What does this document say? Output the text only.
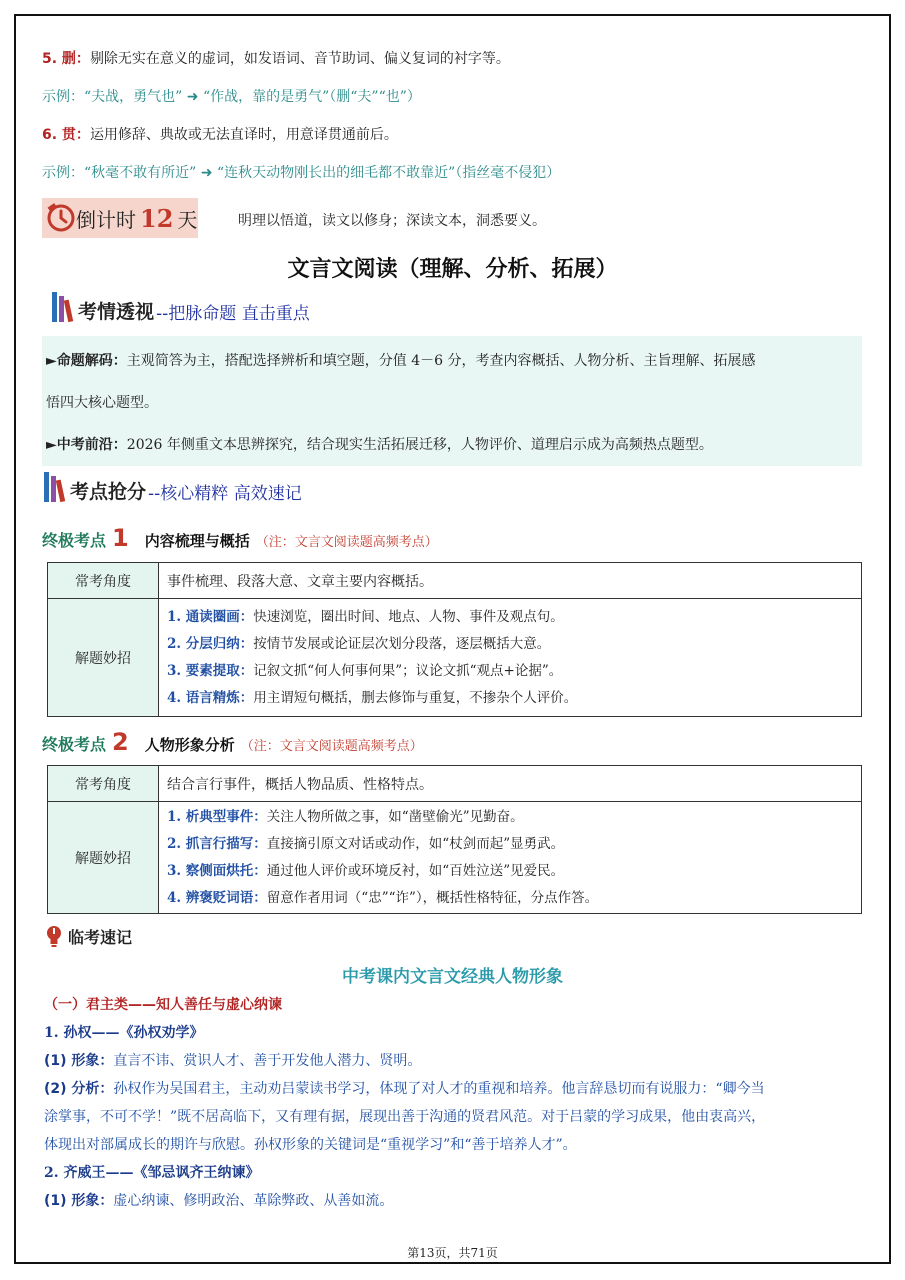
5. 删：剔除无实在意义的虚词，如发语词、音节助词、偏义复词的衬字等。
示例：“夫战，勇气也” ➜ “作战，靠的是勇气”（删“夫”“也”）
6. 贯：运用修辞、典故或无法直译时，用意译贯通前后。
示例：“秋毫不敢有所近” ➜ “连秋天动物刚长出的细毛都不敢靠近”（指丝毫不侵犯）
倒计时 12 天	明理以悟道，读文以修身；深读文本，洞悉要义。
文言文阅读（理解、分析、拓展）
考情透视 --把脉命题 直击重点

►命题解码：主观简答为主，搭配选择辨析和填空题，分值 4－6 分，考查内容概括、人物分析、主旨理解、拓展感

悟四大核心题型。

►中考前沿：2026 年侧重文本思辨探究，结合现实生活拓展迁移，人物评价、道理启示成为高频热点题型。

考点抢分 --核心精粹 高效速记
终极考点 1 内容梳理与概括 （注：文言文阅读题高频考点）
常考角度	事件梳理、段落大意、文章主要内容概括。
解题妙招	1. 通读圈画：快速浏览，圈出时间、地点、人物、事件及观点句。
2. 分层归纳：按情节发展或论证层次划分段落，逐层概括大意。
3. 要素提取：记叙文抓“何人何事何果”；议论文抓“观点+论据”。
4. 语言精炼：用主谓短句概括，删去修饰与重复，不掺杂个人评价。
终极考点 2 人物形象分析 （注：文言文阅读题高频考点）
常考角度	结合言行事件，概括人物品质、性格特点。
解题妙招	1. 析典型事件：关注人物所做之事，如“凿壁偷光”见勤奋。
2. 抓言行描写：直接摘引原文对话或动作，如“杖剑而起”显勇武。
3. 察侧面烘托：通过他人评价或环境反衬，如“百姓泣送”见爱民。
4. 辨褒贬词语：留意作者用词（“忠”“诈”），概括性格特征，分点作答。
临考速记
中考课内文言文经典人物形象
（一）君主类——知人善任与虚心纳谏
1. 孙权——《孙权劝学》
(1) 形象：直言不讳、赏识人才、善于开发他人潜力、贤明。
(2) 分析：孙权作为吴国君主，主动劝吕蒙读书学习，体现了对人才的重视和培养。他言辞恳切而有说服力：“卿今当
涂掌事，不可不学！”既不居高临下，又有理有据，展现出善于沟通的贤君风范。对于吕蒙的学习成果，他由衷高兴，
体现出对部属成长的期许与欣慰。孙权形象的关键词是“重视学习”和“善于培养人才”。
2. 齐威王——《邹忌讽齐王纳谏》
(1) 形象：虚心纳谏、修明政治、革除弊政、从善如流。
第13页，共71页
